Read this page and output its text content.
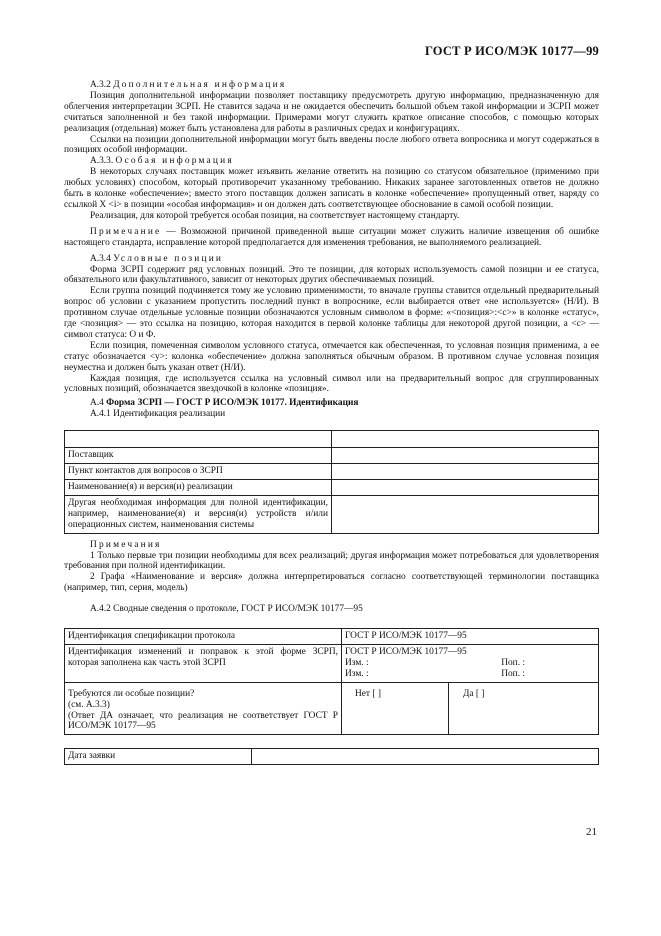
ГОСТ Р ИСО/МЭК 10177—99

А.3.2 Дополнительная информация

Позиция дополнительной информации позволяет поставщику предусмотреть другую информацию, предназначенную для облегчения интерпретации ЗСРП. Не ставится задача и не ожидается обеспечить большой объем такой информации и ЗСРП может считаться заполненной и без такой информации. Примерами могут служить краткое описание способов, с помощью которых реализация (отдельная) может быть установлена для работы в различных средах и конфигурациях.

Ссылки на позиции дополнительной информации могут быть введены после любого ответа вопросника и могут содержаться в позициях особой информации.

А.3.3. Особая информация

В некоторых случаях поставщик может изъявить желание ответить на позицию со статусом обязательное (применимо при любых условиях) способом, который противоречит указанному требованию. Никаких заранее заготовленных ответов не должно быть в колонке «обеспечение»; вместо этого поставщик должен записать в колонке «обеспечение» пропущенный ответ, наряду со ссылкой X <i> в позиции «особая информация» и он должен дать соответствующее обоснование в самой особой позиции.

Реализация, для которой требуется особая позиция, на соответствует настоящему стандарту.

Примечание — Возможной причиной приведенной выше ситуации может служить наличие извещения об ошибке настоящего стандарта, исправление которой предполагается для изменения требования, не выполняемого реализацией.

А.3.4 Условные позиции

Форма ЗСРП содержит ряд условных позиций. Это те позиции, для которых используемость самой позиции и ее статуса, обязательного или факультативного, зависит от некоторых других обеспечиваемых позиций.

Если группа позиций подчиняется тому же условию применимости, то вначале группы ставится отдельный предварительный вопрос об условии с указанием пропустить последний пункт в вопроснике, если выбирается ответ «не используется» (Н/И). В противном случае отдельные условные позиции обозначаются условным символом в форме: «<позиция>:<с>» в колонке «статус», где <позиция> — это ссылка на позицию, которая находится в первой колонке таблицы для некоторой другой позиции, а <с> — символ статуса: О и Ф.

Если позиция, помеченная символом условного статуса, отмечается как обеспеченная, то условная позиция применима, а ее статус обозначается <у>: колонка «обеспечение» должна заполняться обычным образом. В противном случае условная позиция неуместна и должен быть указан ответ (Н/И).

Каждая позиция, где используется ссылка на условный символ или на предварительный вопрос для сгруппированных условных позиций, обозначается звездочкой в колонке «позиция».

А.4 Форма ЗСРП — ГОСТ Р ИСО/МЭК 10177. Идентификация

А.4.1 Идентификация реализации

Поставщик	
Пункт контактов для вопросов о ЗСРП	
Наименование(я) и версия(и) реализации	
Другая необходимая информация для полной идентификации, например, наименование(я) и версия(и) устройств и/или операционных систем, наименования системы	

Примечания

1 Только первые три позиции необходимы для всех реализаций; другая информация может потребоваться для удовлетворения требования при полной идентификации.

2 Графа «Наименование и версия» должна интерпретироваться согласно соответствующей терминологии поставщика (например, тип, серия, модель)

А.4.2 Сводные сведения о протоколе, ГОСТ Р ИСО/МЭК 10177—95

Идентификация спецификации протокола	ГОСТ Р ИСО/МЭК 10177—95	
Идентификация изменений и поправок к этой форме ЗСРП, которая заполнена как часть этой ЗСРП	ГОСТ Р ИСО/МЭК 10177—95
Изм. : Поп. :
Изм. : Поп. :	

Требуются ли особые позиции?
(см. А.3.3)
(Ответ ДА означает, что реализация не соответствует ГОСТ Р ИСО/МЭК 10177—95	Нет [ ]	Да [ ]
Дата заявки	
21
